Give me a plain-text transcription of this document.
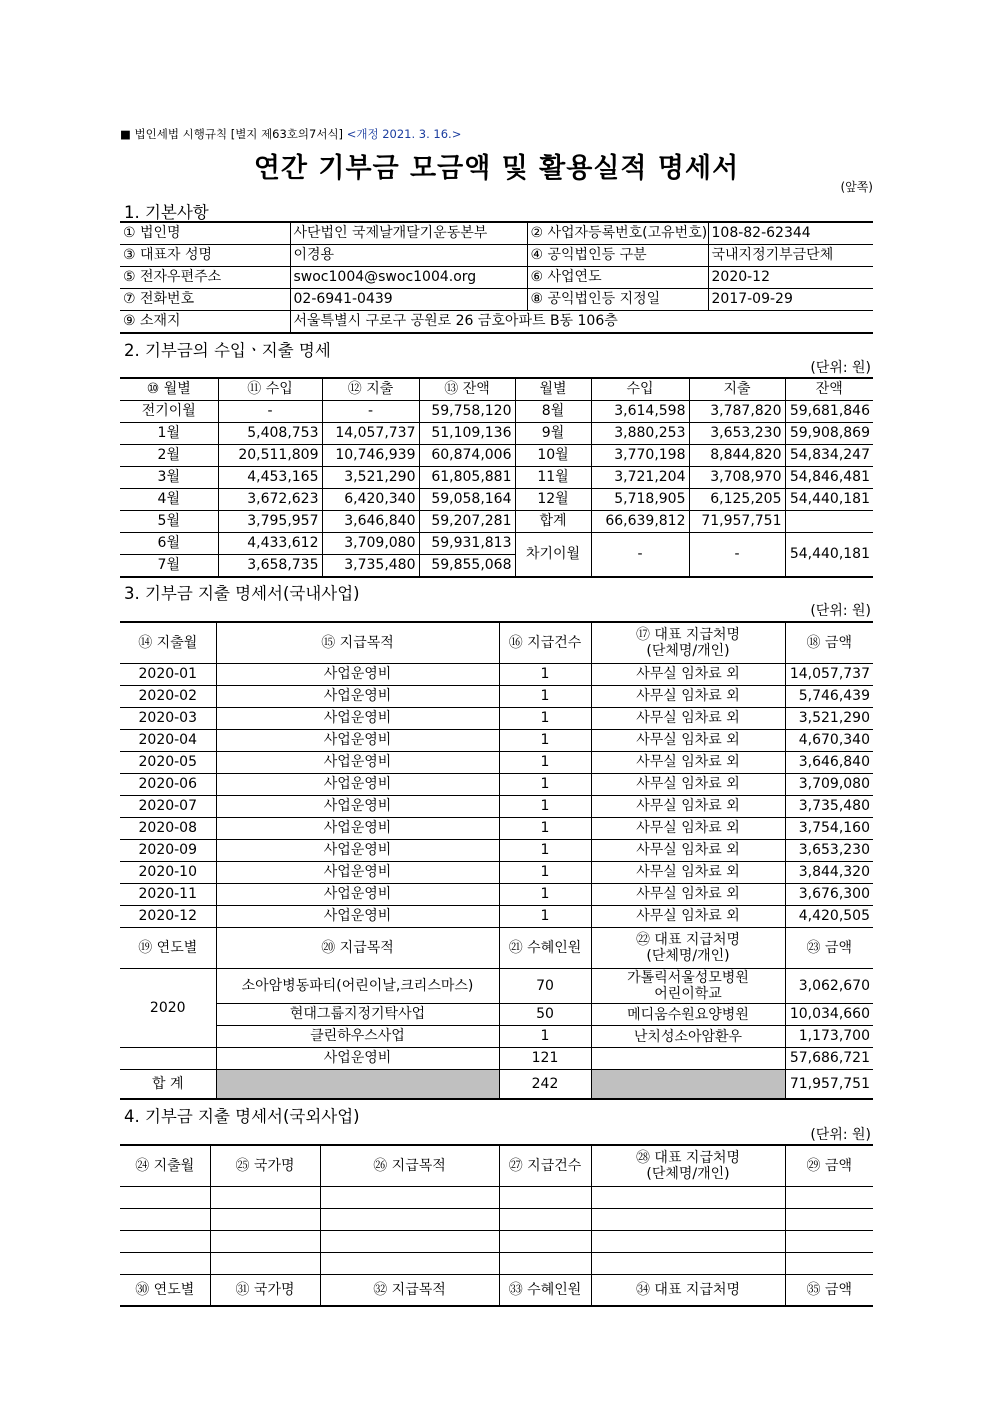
■ 법인세법 시행규칙 [별지 제63호의7서식] <개정 2021. 3. 16.>
연간 기부금 모금액 및 활용실적 명세서
(앞쪽)
1. 기본사항
① 법인명	사단법인 국제날개달기운동본부	② 사업자등록번호(고유번호)	108-82-62344
③ 대표자 성명	이경용	④ 공익법인등 구분	국내지정기부금단체
⑤ 전자우편주소	swoc1004@swoc1004.org	⑥ 사업연도	2020-12
⑦ 전화번호	02-6941-0439	⑧ 공익법인등 지정일	2017-09-29
⑨ 소재지	서울특별시 구로구 공원로 26 금호아파트 B동 106층		
2. 기부금의 수입ㆍ지출 명세
(단위: 원)
⑩ 월별	⑪ 수입	⑫ 지출	⑬ 잔액	월별	수입	지출	잔액
전기이월	-	-	59,758,120	8월	3,614,598	3,787,820	59,681,846
1월	5,408,753	14,057,737	51,109,136	9월	3,880,253	3,653,230	59,908,869
2월	20,511,809	10,746,939	60,874,006	10월	3,770,198	8,844,820	54,834,247
3월	4,453,165	3,521,290	61,805,881	11월	3,721,204	3,708,970	54,846,481
4월	3,672,623	6,420,340	59,058,164	12월	5,718,905	6,125,205	54,440,181
5월	3,795,957	3,646,840	59,207,281	합계	66,639,812	71,957,751	
6월	4,433,612	3,709,080	59,931,813	차기이월	-	-	54,440,181
7월	3,658,735	3,735,480	59,855,068				
3. 기부금 지출 명세서(국내사업)
(단위: 원)
⑭ 지출월	⑮ 지급목적	⑯ 지급건수	⑰ 대표 지급처명
(단체명/개인)	⑱ 금액
2020-01	사업운영비	1	사무실 임차료 외	14,057,737
2020-02	사업운영비	1	사무실 임차료 외	5,746,439
2020-03	사업운영비	1	사무실 임차료 외	3,521,290
2020-04	사업운영비	1	사무실 임차료 외	4,670,340
2020-05	사업운영비	1	사무실 임차료 외	3,646,840
2020-06	사업운영비	1	사무실 임차료 외	3,709,080
2020-07	사업운영비	1	사무실 임차료 외	3,735,480
2020-08	사업운영비	1	사무실 임차료 외	3,754,160
2020-09	사업운영비	1	사무실 임차료 외	3,653,230
2020-10	사업운영비	1	사무실 임차료 외	3,844,320
2020-11	사업운영비	1	사무실 임차료 외	3,676,300
2020-12	사업운영비	1	사무실 임차료 외	4,420,505
⑲ 연도별	⑳ 지급목적	㉑ 수혜인원	㉒ 대표 지급처명
(단체명/개인)	㉓ 금액
2020	소아암병동파티(어린이날,크리스마스)	70	가톨릭서울성모병원
어린이학교	3,062,670
	현대그룹지정기탁사업	50	메디움수원요양병원	10,034,660
	클린하우스사업	1	난치성소아암환우	1,173,700
	사업운영비	121		57,686,721
합 계		242		71,957,751
4. 기부금 지출 명세서(국외사업)
(단위: 원)
㉔ 지출월	㉕ 국가명	㉖ 지급목적	㉗ 지급건수	㉘ 대표 지급처명
(단체명/개인)	㉙ 금액

㉚ 연도별	㉛ 국가명	㉜ 지급목적	㉝ 수혜인원	㉞ 대표 지급처명	㉟ 금액
